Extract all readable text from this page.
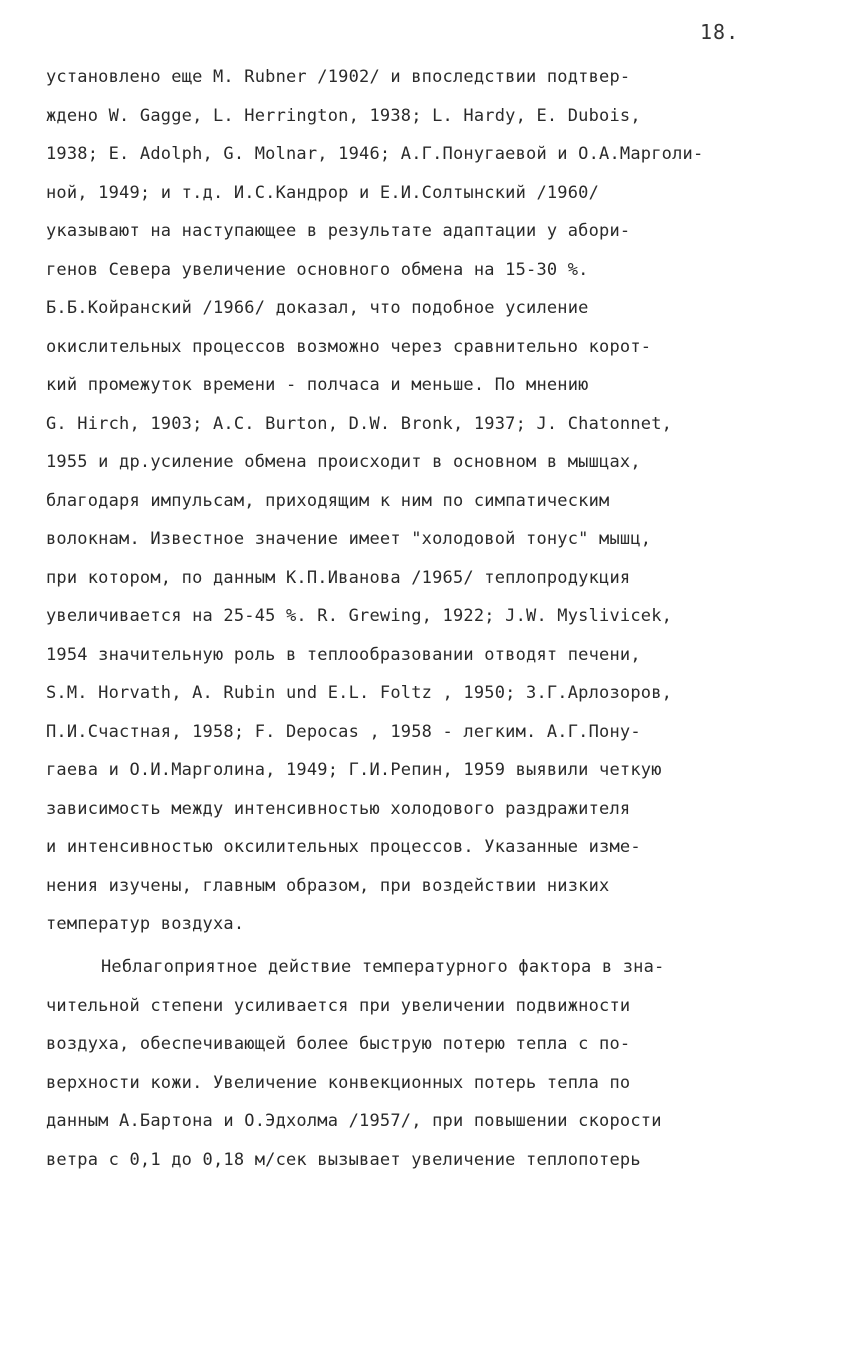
18.
установлено еще M. Rubner /1902/ и впоследствии подтвер-
ждено W. Gagge, L. Herrington, 1938; L. Hardy, E. Dubois,
1938; E. Adolph, G. Molnar, 1946; А.Г.Понугаевой и О.А.Марголи-
ной, 1949; и т.д. И.С.Кандрор и Е.И.Солтынский /1960/
указывают на наступающее в результате адаптации у абори-
генов Севера увеличение основного обмена на 15-30 %.
Б.Б.Койранский /1966/ доказал, что подобное усиление
окислительных процессов возможно через сравнительно корот-
кий промежуток времени - полчаса и меньше. По мнению
G. Hirch, 1903; A.C. Burton, D.W. Bronk, 1937; J. Chatonnet,
1955 и др.усиление обмена происходит в основном в мышцах,
благодаря импульсам, приходящим к ним по симпатическим
волокнам. Известное значение имеет "холодовой тонус" мышц,
при котором, по данным К.П.Иванова /1965/ теплопродукция
увеличивается на 25-45 %. R. Grewing, 1922; J.W. Myslivicek,
1954 значительную роль в теплообразовании отводят печени,
S.M. Horvath, A. Rubin und E.L. Foltz , 1950; З.Г.Арлозоров,
П.И.Счастная, 1958; F. Depocas , 1958 - легким. А.Г.Пону-
гаева и О.И.Марголина, 1949; Г.И.Репин, 1959 выявили четкую
зависимость между интенсивностью холодового раздражителя
и интенсивностью оксилительных процессов. Указанные изме-
нения изучены, главным образом, при воздействии низких
температур воздуха.
Неблагоприятное действие температурного фактора в зна-
чительной степени усиливается при увеличении подвижности
воздуха, обеспечивающей более быструю потерю тепла с по-
верхности кожи. Увеличение конвекционных потерь тепла по
данным А.Бартона и О.Эдхолма /1957/, при повышении скорости
ветра с 0,1 до 0,18 м/сек вызывает увеличение теплопотерь
